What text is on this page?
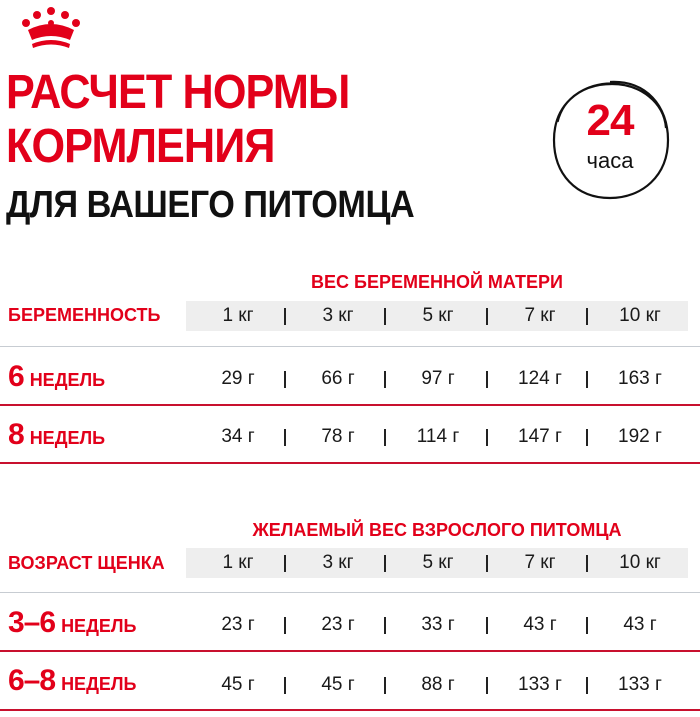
РАСЧЕТ НОРМЫ
КОРМЛЕНИЯ
ДЛЯ ВАШЕГО ПИТОМЦА
24
часа
ВЕС БЕРЕМЕННОЙ МАТЕРИ
БЕРЕМЕННОСТЬ	1 кг	3 кг	5 кг	7 кг	10 кг
6 НЕДЕЛЬ	29 г	66 г	97 г	124 г	163 г
8 НЕДЕЛЬ	34 г	78 г	114 г	147 г	192 г
ЖЕЛАЕМЫЙ ВЕС ВЗРОСЛОГО ПИТОМЦА
ВОЗРАСТ ЩЕНКА	1 кг	3 кг	5 кг	7 кг	10 кг
3–6 НЕДЕЛЬ	23 г	23 г	33 г	43 г	43 г
6–8 НЕДЕЛЬ	45 г	45 г	88 г	133 г	133 г
